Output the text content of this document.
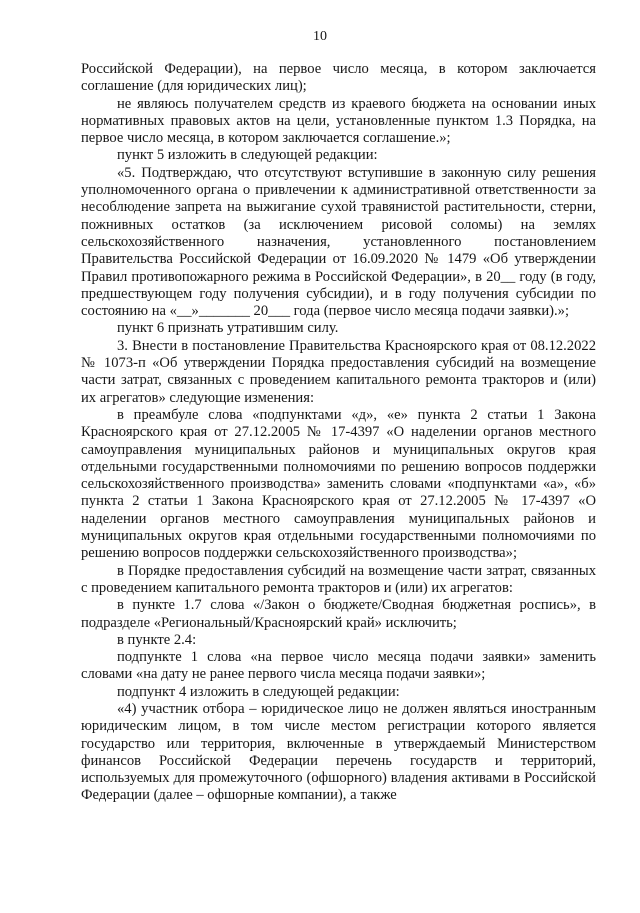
10

Российской Федерации), на первое число месяца, в котором заключается соглашение (для юридических лиц);

не являюсь получателем средств из краевого бюджета на основании иных нормативных правовых актов на цели, установленные пунктом 1.3 Порядка, на первое число месяца, в котором заключается соглашение.»;

пункт 5 изложить в следующей редакции:

«5. Подтверждаю, что отсутствуют вступившие в законную силу решения уполномоченного органа о привлечении к административной ответственности за несоблюдение запрета на выжигание сухой травянистой растительности, стерни, пожнивных остатков (за исключением рисовой соломы) на землях сельскохозяйственного назначения, установленного постановлением Правительства Российской Федерации от 16.09.2020 № 1479 «Об утверждении Правил противопожарного режима в Российской Федерации», в 20__ году (в году, предшествующем году получения субсидии), и в году получения субсидии по состоянию на «__»_______ 20___ года (первое число месяца подачи заявки).»;

пункт 6 признать утратившим силу.

3. Внести в постановление Правительства Красноярского края от 08.12.2022 № 1073-п «Об утверждении Порядка предоставления субсидий на возмещение части затрат, связанных с проведением капитального ремонта тракторов и (или) их агрегатов» следующие изменения:

в преамбуле слова «подпунктами «д», «е» пункта 2 статьи 1 Закона Красноярского края от 27.12.2005 № 17-4397 «О наделении органов местного самоуправления муниципальных районов и муниципальных округов края отдельными государственными полномочиями по решению вопросов поддержки сельскохозяйственного производства» заменить словами «подпунктами «а», «б» пункта 2 статьи 1 Закона Красноярского края от 27.12.2005 № 17-4397 «О наделении органов местного самоуправления муниципальных районов и муниципальных округов края отдельными государственными полномочиями по решению вопросов поддержки сельскохозяйственного производства»;

в Порядке предоставления субсидий на возмещение части затрат, связанных с проведением капитального ремонта тракторов и (или) их агрегатов:

в пункте 1.7 слова «/Закон о бюджете/Сводная бюджетная роспись», в подразделе «Региональный/Красноярский край» исключить;

в пункте 2.4:

подпункте 1 слова «на первое число месяца подачи заявки» заменить словами «на дату не ранее первого числа месяца подачи заявки»;

подпункт 4 изложить в следующей редакции:

«4) участник отбора – юридическое лицо не должен являться иностранным юридическим лицом, в том числе местом регистрации которого является государство или территория, включенные в утверждаемый Министерством финансов Российской Федерации перечень государств и территорий, используемых для промежуточного (офшорного) владения активами в Российской Федерации (далее – офшорные компании), а также
